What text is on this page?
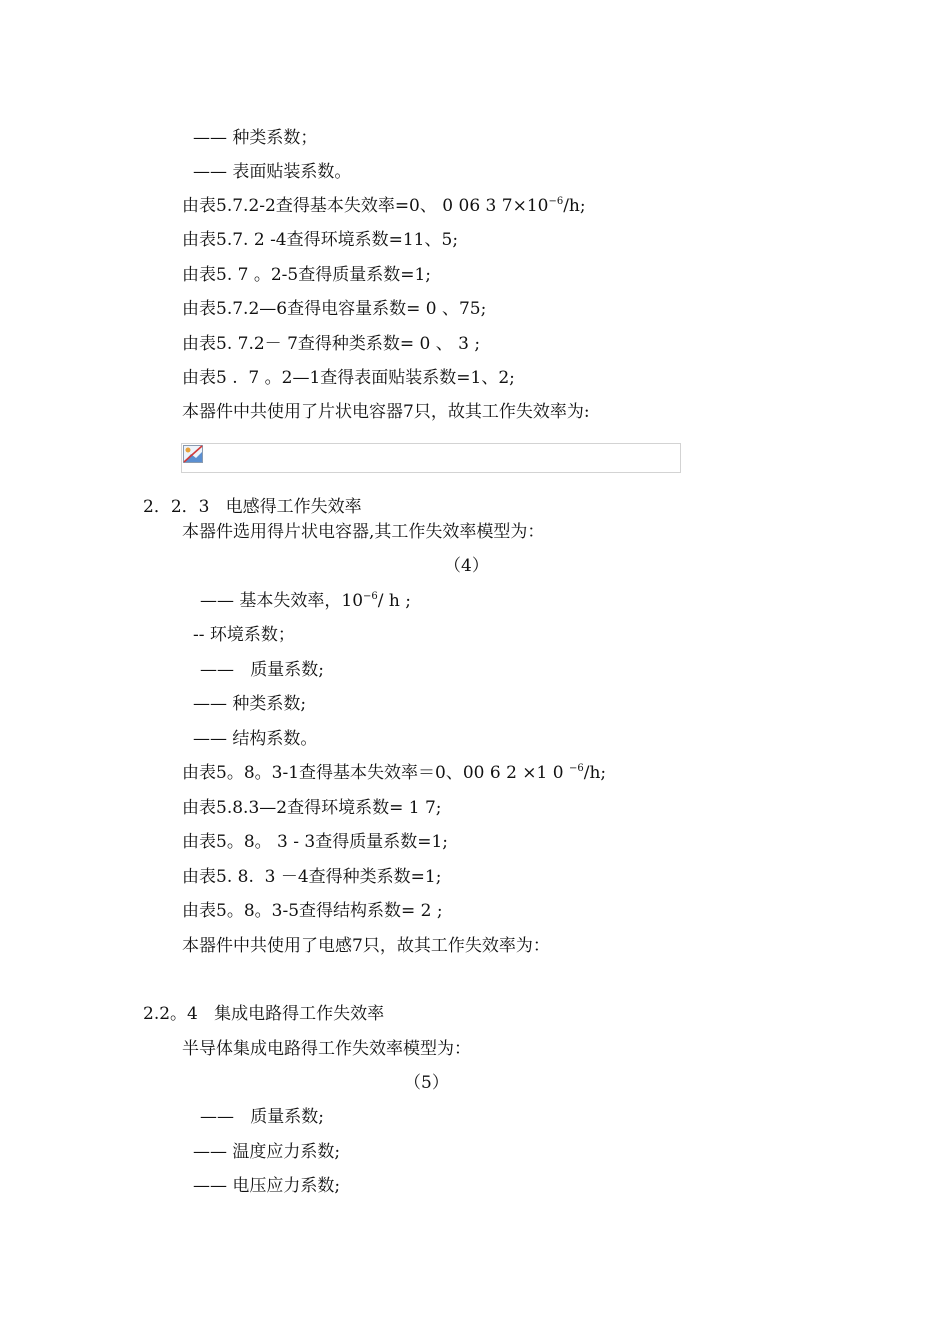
—— 种类系数；
—— 表面贴装系数。
由表5.7.2-2查得基本失效率=0、 0 06 3 $7\times 10^{-6}/h$;
由表5.7. 2 -4查得环境系数=11、5;
由表5. 7 。2-5查得质量系数=1;
由表5.7.2—6查得电容量系数= 0 、75;
由表5. 7.2－ 7查得种类系数= 0 、 3 ;
由表5 .  7 。2—1查得表面贴装系数=1、2;
本器件中共使用了片状电容器7只，故其工作失效率为:
2．2．3   电感得工作失效率
本器件选用得片状电容器,其工作失效率模型为：
（4）
—— 基本失效率，$10^{-6}/$ h ;
-- 环境系数；
——   质量系数;
—— 种类系数;
—— 结构系数。
由表5。8。3-1查得基本失效率＝0、00 6 2 ×1 0 $^{-6}$/h;
由表5.8.3—2查得环境系数= 1 7;
由表5。8。 3 - 3查得质量系数=1;
由表5. 8.  3 －4查得种类系数=1;
由表5。8。3-5查得结构系数= 2 ;
本器件中共使用了电感7只，故其工作失效率为：
2.2。4   集成电路得工作失效率
半导体集成电路得工作失效率模型为：
（5）
——   质量系数;
—— 温度应力系数;
—— 电压应力系数;
